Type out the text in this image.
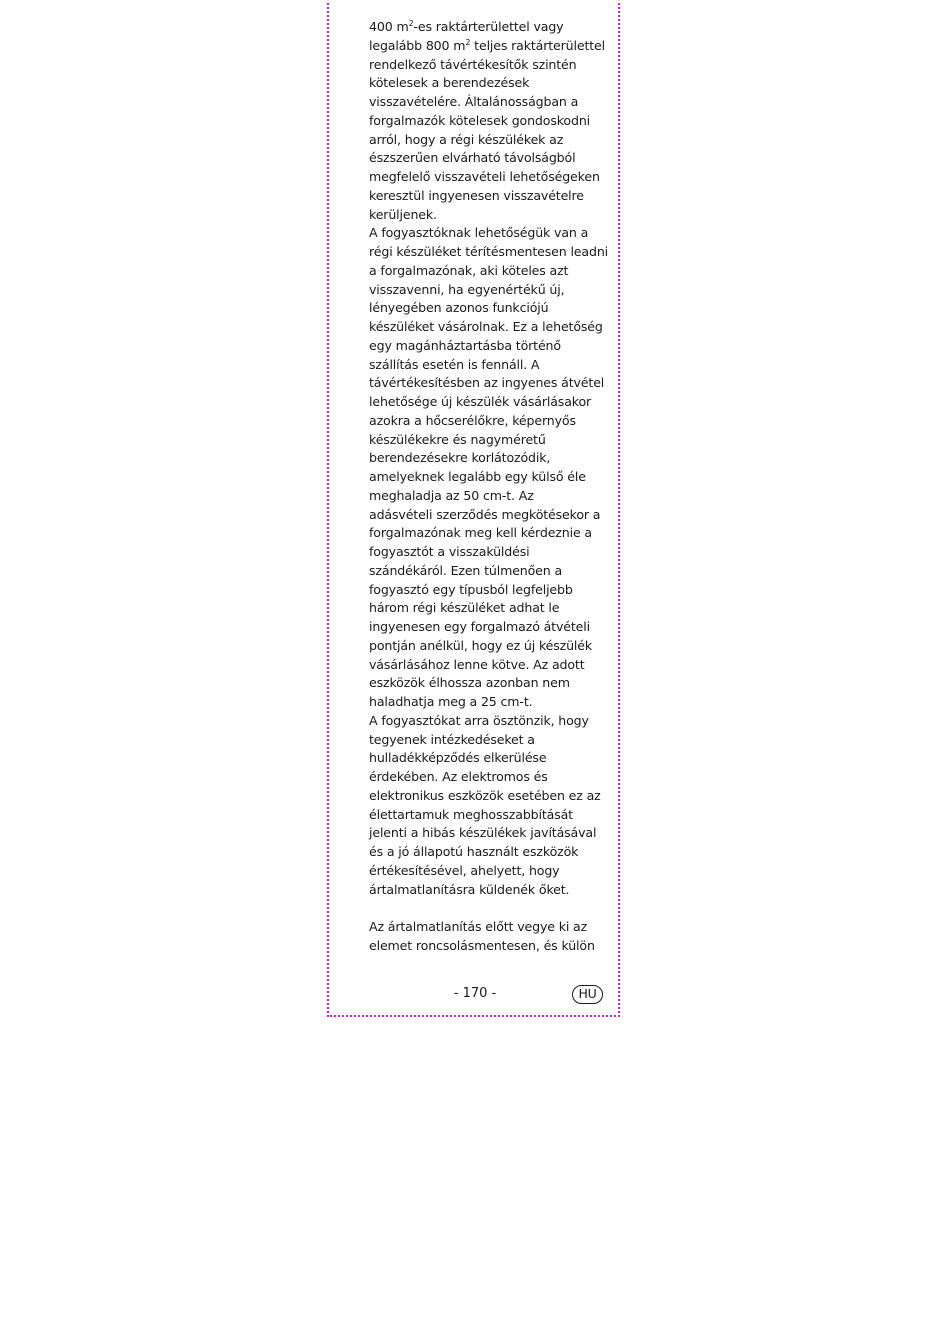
400 $m^2-es$ raktárterülettel vagy
legalább 800 $m^2$ teljes raktárterülettel
rendelkező távértékesítők szintén
kötelesek a berendezések
visszavételére. Általánosságban a
forgalmazók kötelesek gondoskodni
arról, hogy a régi készülékek az
észszerűen elvárható távolságból
megfelelő visszavételi lehetőségeken
keresztül ingyenesen visszavételre
kerüljenek.
A fogyasztóknak lehetőségük van a
régi készüléket térítésmentesen leadni
a forgalmazónak, aki köteles azt
visszavenni, ha egyenértékű új,
lényegében azonos funkciójú
készüléket vásárolnak. Ez a lehetőség
egy magánháztartásba történő
szállítás esetén is fennáll. A
távértékesítésben az ingyenes átvétel
lehetősége új készülék vásárlásakor
azokra a hőcserélőkre, képernyős
készülékekre és nagyméretű
berendezésekre korlátozódik,
amelyeknek legalább egy külső éle
meghaladja az 50 cm-t. Az
adásvételi szerződés megkötésekor a
forgalmazónak meg kell kérdeznie a
fogyasztót a visszaküldési
szándékáról. Ezen túlmenően a
fogyasztó egy típusból legfeljebb
három régi készüléket adhat le
ingyenesen egy forgalmazó átvételi
pontján anélkül, hogy ez új készülék
vásárlásához lenne kötve. Az adott
eszközök élhossza azonban nem
haladhatja meg a 25 cm-t.
A fogyasztókat arra ösztönzik, hogy
tegyenek intézkedéseket a
hulladékképződés elkerülése
érdekében. Az elektromos és
elektronikus eszközök esetében ez az
élettartamuk meghosszabbítását
jelenti a hibás készülékek javításával
és a jó állapotú használt eszközök
értékesítésével, ahelyett, hogy
ártalmatlanításra küldenék őket.
Az ártalmatlanítás előtt vegye ki az
elemet roncsolásmentesen, és külön
- 170 -	HU
